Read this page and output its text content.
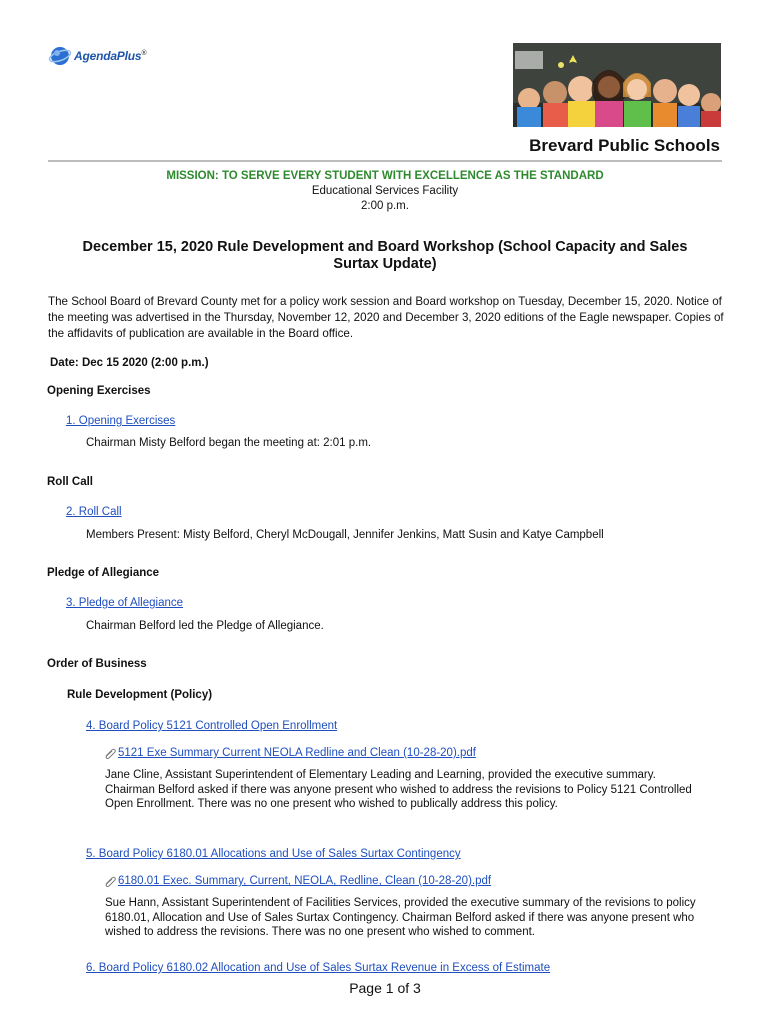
AgendaPlus®
Brevard Public Schools
MISSION: TO SERVE EVERY STUDENT WITH EXCELLENCE AS THE STANDARD
Educational Services Facility
2:00 p.m.
December 15, 2020 Rule Development and Board Workshop (School Capacity and Sales Surtax Update)
The School Board of Brevard County met for a policy work session and Board workshop on Tuesday, December 15, 2020. Notice of the meeting was advertised in the Thursday, November 12, 2020 and December 3, 2020 editions of the Eagle newspaper. Copies of the affidavits of publication are available in the Board office.
Date: Dec 15 2020 (2:00 p.m.)
Opening Exercises
1. Opening Exercises
Chairman Misty Belford began the meeting at: 2:01 p.m.
Roll Call
2. Roll Call
Members Present: Misty Belford, Cheryl McDougall, Jennifer Jenkins, Matt Susin and Katye Campbell
Pledge of Allegiance
3. Pledge of Allegiance
Chairman Belford led the Pledge of Allegiance.
Order of Business
Rule Development (Policy)
4. Board Policy 5121 Controlled Open Enrollment
5121 Exe Summary Current NEOLA Redline and Clean (10-28-20).pdf
Jane Cline, Assistant Superintendent of Elementary Leading and Learning, provided the executive summary.
Chairman Belford asked if there was anyone present who wished to address the revisions to Policy 5121 Controlled Open Enrollment. There was no one present who wished to publically address this policy.
5. Board Policy 6180.01 Allocations and Use of Sales Surtax Contingency
6180.01 Exec. Summary, Current, NEOLA, Redline, Clean (10-28-20).pdf
Sue Hann, Assistant Superintendent of Facilities Services, provided the executive summary of the revisions to policy 6180.01, Allocation and Use of Sales Surtax Contingency. Chairman Belford asked if there was anyone present who wished to address the revisions. There was no one present who wished to comment.
6. Board Policy 6180.02 Allocation and Use of Sales Surtax Revenue in Excess of Estimate
Page 1 of 3
